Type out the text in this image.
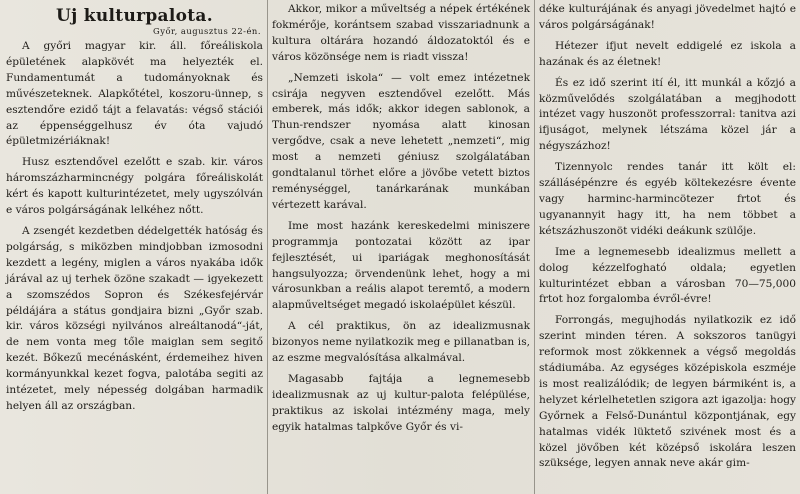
Uj kulturpalota.
Győr, augusztus 22-én.

A győri magyar kir. áll. főreáliskola épületének alapkövét ma helyezték el. Fundamentumát a tudományoknak és művészeteknek. Alapkőtétel, koszoru-ünnep, s esztendőre ezidő tájt a felavatás: végső stációi az éppenséggelhusz év óta vajudó épületmizériáknak!

Husz esztendővel ezelőtt e szab. kir. város háromszázharmincnégy polgára főreáliskolát kért és kapott kulturintézetet, mely ugyszólván e város polgárságának lelkéhez nőtt.

A zsengét kezdetben dédelgették hatóság és polgárság, s miközben mindjobban izmosodni kezdett a legény, miglen a város nyakába idők járával az uj terhek özöne szakadt — igyekezett a szomszédos Sopron és Székesfejérvár példájára a státus gondjaira bizni „Győr szab. kir. város községi nyilvános alreáltanodá“-ját, de nem vonta meg tőle maiglan sem segitő kezét. Bőkezű mecénásként, érdemeihez hiven kormányunkkal kezet fogva, palotába segiti az intézetet, mely népesség dolgában harmadik helyen áll az országban.

Akkor, mikor a műveltség a népek értékének fokmérője, korántsem szabad visszariadnunk a kultura oltárára hozandó áldozatoktól és e város közönsége nem is riadt vissza!

„Nemzeti iskola“ — volt emez intézetnek csirája negyven esztendővel ezelőtt. Más emberek, más idők; akkor idegen sablonok, a Thun-rendszer nyomása alatt kinosan vergődve, csak a neve lehetett „nemzeti“, mig most a nemzeti géniusz szolgálatában gondtalanul törhet előre a jövőbe vetett biztos reménységgel, tanárkarának munkában vértezett karával.

Ime most hazánk kereskedelmi miniszere programmja pontozatai között az ipar fejlesztését, ui ipariágak meghonosítását hangsulyozza; örvendenünk lehet, hogy a mi városunkban a reális alapot teremtő, a modern alapműveltséget megadó iskolaépület készül.

A cél praktikus, ön az idealizmusnak bizonyos neme nyilatkozik meg e pillanatban is, az eszme megvalósítása alkalmával.

Magasabb fajtája a legnemesebb idealizmusnak az uj kultur-palota felépülése, praktikus az iskolai intézmény maga, mely egyik hatalmas talpkőve Győr és vi-

déke kulturájának és anyagi jövedelmet hajtó e város polgárságának!

Hétezer ifjut nevelt eddigelé ez iskola a hazának és az életnek!

És ez idő szerint ití él, itt munkál a kőzjó a közművelődés szolgálatában a megjhodott intézet vagy huszonöt professzorral: tanitva azi ifjuságot, melynek létszáma közel jár a négyszázhoz!

Tizennyolc rendes tanár itt költ el: szállásépénzre és egyéb költekezésre évente vagy harminc-harmincötezer frtot és ugyanannyit hagy itt, ha nem többet a kétszázhuszonöt vidéki deákunk szülője.

Ime a legnemesebb idealizmus mellett a dolog kézzelfogható oldala; egyetlen kulturintézet ebban a városban 70—75,000 frtot hoz forgalomba évről-évre!

Forrongás, megujhodás nyilatkozik ez idő szerint minden téren. A sokszoros tanügyi reformok most zökkennek a végső megoldás stádiumába. Az egységes középiskola eszméje is most realizálódik; de legyen bármiként is, a helyzet kérlelhetetlen szigora azt igazolja: hogy Győrnek a Felső-Dunántul központjának, egy hatalmas vidék lüktető szivének most és a közel jövőben két középső iskolára leszen szüksége, legyen annak neve akár gim-
